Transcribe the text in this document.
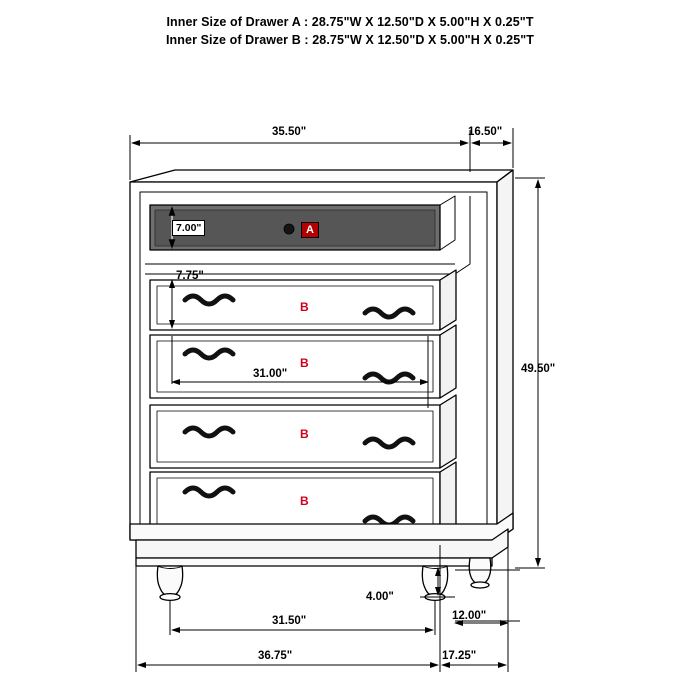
Inner Size of Drawer A : 28.75"W X 12.50"D X 5.00"H X 0.25"T
Inner Size of Drawer B : 28.75"W X 12.50"D X 5.00"H X 0.25"T
35.50"	16.50"
49.50"
7.00"
7.75"
31.00"
4.00"
12.00"
31.50"
36.75"	17.25"
A
B
B
B
B
